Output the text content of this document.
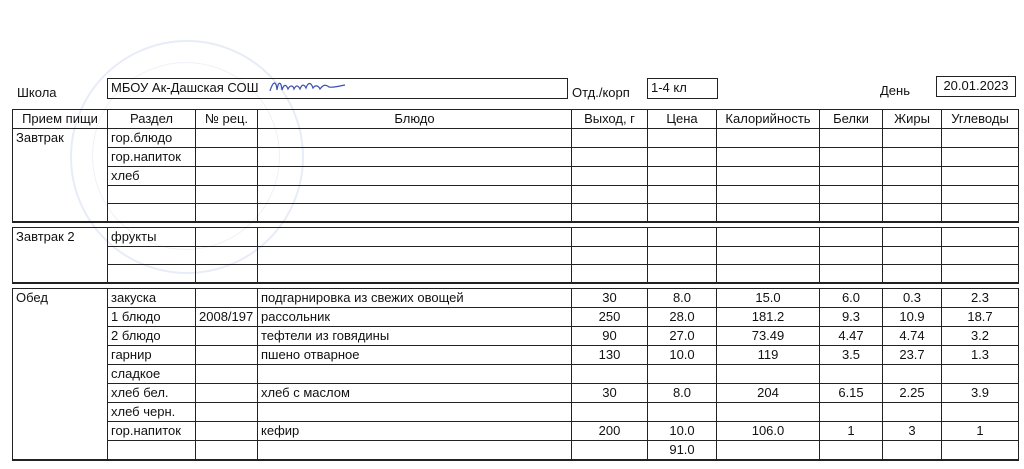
Школа	МБОУ Ак-Дашская СОШ	Отд./корп	1-4 кл	День	20.01.2023
Прием пищи	Раздел	№ рец.	Блюдо	Выход, г	Цена	Калорийность	Белки	Жиры	Углеводы
Завтрак	гор.блюдо								
	гор.напиток								
	хлеб								

Завтрак 2	фрукты								

Обед	закуска		подгарнировка из свежих овощей	30	8.0	15.0	6.0	0.3	2.3
	1 блюдо	2008/197	рассольник	250	28.0	181.2	9.3	10.9	18.7
	2 блюдо		тефтели из говядины	90	27.0	73.49	4.47	4.74	3.2
	гарнир		пшено отварное	130	10.0	119	3.5	23.7	1.3
	сладкое								
	хлеб бел.		хлеб с маслом	30	8.0	204	6.15	2.25	3.9
	хлеб черн.								
	гор.напиток		кефир	200	10.0	106.0	1	3	1
					91.0				
